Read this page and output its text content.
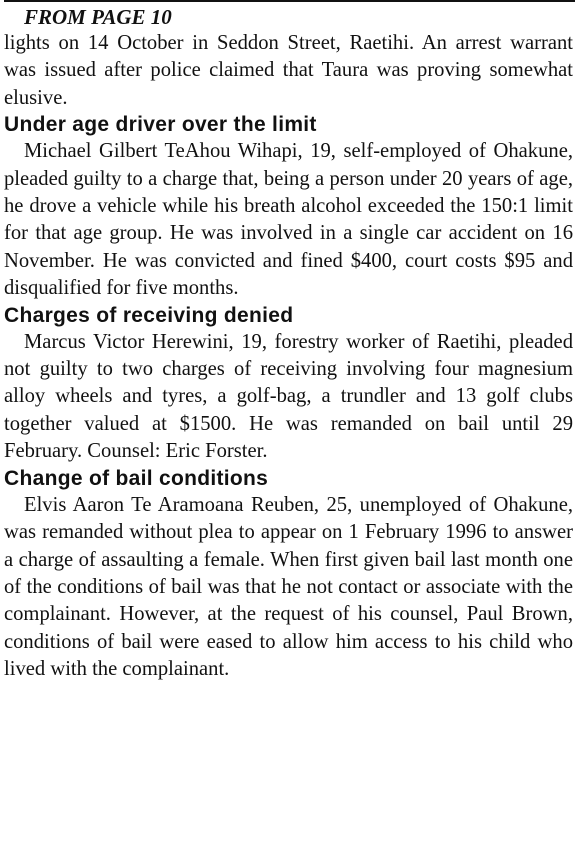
FROM PAGE 10

lights on 14 October in Seddon Street, Raetihi. An arrest warrant was issued after police claimed that Taura was proving somewhat elusive.

Under age driver over the limit

Michael Gilbert TeAhou Wihapi, 19, self-employed of Ohakune, pleaded guilty to a charge that, being a person under 20 years of age, he drove a vehicle while his breath alcohol exceeded the 150:1 limit for that age group. He was involved in a single car accident on 16 November. He was convicted and fined $400, court costs $95 and disqualified for five months.

Charges of receiving denied

Marcus Victor Herewini, 19, forestry worker of Raetihi, pleaded not guilty to two charges of receiving involving four magnesium alloy wheels and tyres, a golf-bag, a trundler and 13 golf clubs together valued at $1500. He was remanded on bail until 29 February. Counsel: Eric Forster.

Change of bail conditions

Elvis Aaron Te Aramoana Reuben, 25, unemployed of Ohakune, was remanded without plea to appear on 1 February 1996 to answer a charge of assaulting a female. When first given bail last month one of the conditions of bail was that he not contact or associate with the complainant. However, at the request of his counsel, Paul Brown, conditions of bail were eased to allow him access to his child who lived with the complainant.
